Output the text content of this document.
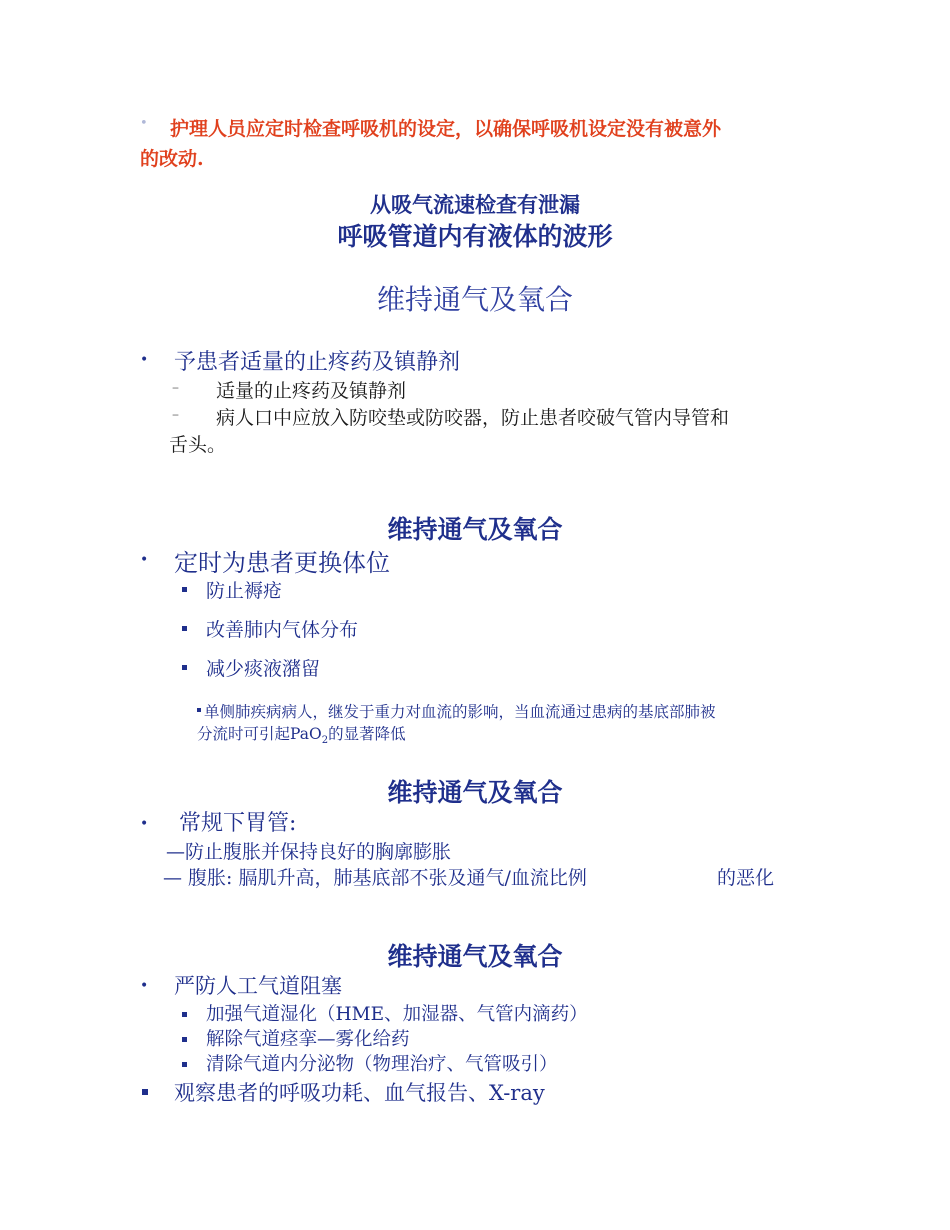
• 护理人员应定时检查呼吸机的设定，以确保呼吸机设定没有被意外
的改动.
从吸气流速检查有泄漏
呼吸管道内有液体的波形
维持通气及氧合
• 予患者适量的止疼药及镇静剂
– 适量的止疼药及镇静剂
– 病人口中应放入防咬垫或防咬器，防止患者咬破气管内导管和
舌头。
维持通气及氧合
• 定时为患者更换体位
防止褥疮
改善肺内气体分布
减少痰液潴留
单侧肺疾病病人，继发于重力对血流的影响，当血流通过患病的基底部肺被
分流时可引起PaO$_2$的显著降低
维持通气及氧合
• 常规下胃管:
—防止腹胀并保持良好的胸廓膨胀
— 腹胀: 膈肌升高，肺基底部不张及通气/血流比例	的恶化
维持通气及氧合
• 严防人工气道阻塞
加强气道湿化（HME、加湿器、气管内滴药）
解除气道痉挛—雾化给药
清除气道内分泌物（物理治疗、气管吸引）
观察患者的呼吸功耗、血气报告、X-ray
